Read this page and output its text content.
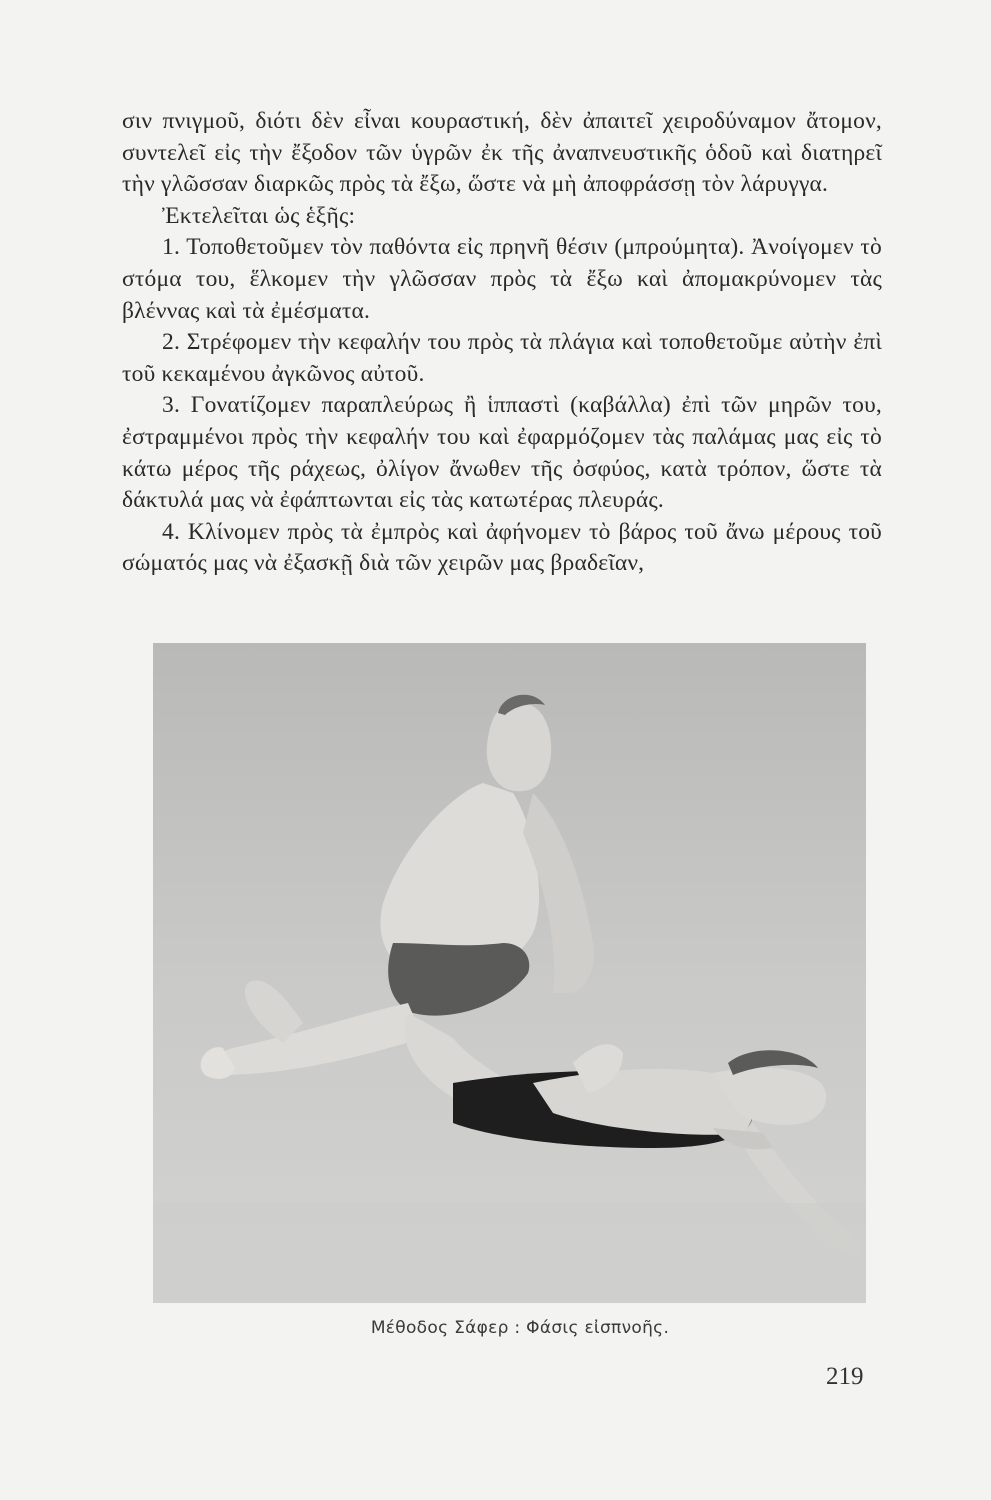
σιν πνιγμοῦ, διότι δὲν εἶναι κουραστική, δὲν ἀπαιτεῖ χειροδύναμον ἄτομον, συντελεῖ εἰς τὴν ἔξοδον τῶν ὑγρῶν ἐκ τῆς ἀναπνευστικῆς ὁδοῦ καὶ διατηρεῖ τὴν γλῶσσαν διαρκῶς πρὸς τὰ ἔξω, ὥστε νὰ μὴ ἀποφράσσῃ τὸν λάρυγγα.

Ἐκτελεῖται ὡς ἑξῆς:

1. Τοποθετοῦμεν τὸν παθόντα εἰς πρηνῆ θέσιν (μπρούμητα). Ἀνοίγομεν τὸ στόμα του, ἕλκομεν τὴν γλῶσσαν πρὸς τὰ ἔξω καὶ ἀπομακρύνομεν τὰς βλέννας καὶ τὰ ἐμέσματα.

2. Στρέφομεν τὴν κεφαλήν του πρὸς τὰ πλάγια καὶ τοποθετοῦμε αὐτὴν ἐπὶ τοῦ κεκαμένου ἀγκῶνος αὐτοῦ.

3. Γονατίζομεν παραπλεύρως ἢ ἱππαστὶ (καβάλλα) ἐπὶ τῶν μηρῶν του, ἐστραμμένοι πρὸς τὴν κεφαλήν του καὶ ἐφαρμόζομεν τὰς παλάμας μας εἰς τὸ κάτω μέρος τῆς ράχεως, ὀλίγον ἄνωθεν τῆς ὀσφύος, κατὰ τρόπον, ὥστε τὰ δάκτυλά μας νὰ ἐφάπτωνται εἰς τὰς κατωτέρας πλευράς.

4. Κλίνομεν πρὸς τὰ ἐμπρὸς καὶ ἀφήνομεν τὸ βάρος τοῦ ἄνω μέρους τοῦ σώματός μας νὰ ἐξασκῇ διὰ τῶν χειρῶν μας βραδεῖαν,

Μέθοδος Σάφερ : Φάσις εἰσπνοῆς.
219
